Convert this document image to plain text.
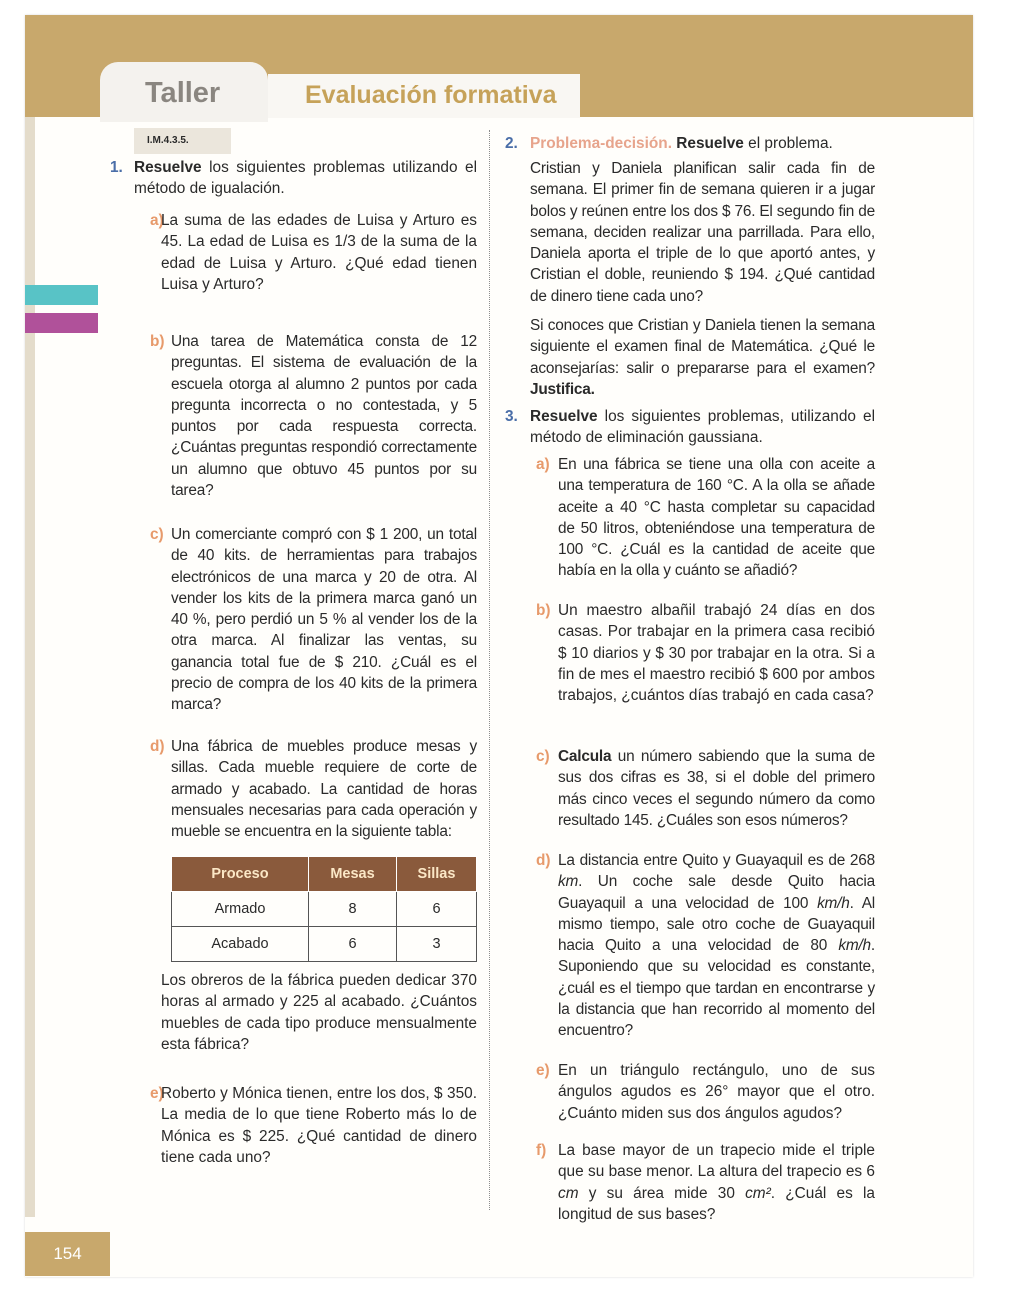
Taller	Evaluación formativa
154
I.M.4.3.5.
1. Resuelve los siguientes problemas utilizando el método de igualación.
a)
La suma de las edades de Luisa y Arturo es 45. La edad de Luisa es 1/3 de la suma de la edad de Luisa y Arturo. ¿Qué edad tienen Luisa y Arturo?
b) Una tarea de Matemática consta de 12 preguntas. El sistema de evaluación de la escuela otorga al alumno 2 puntos por cada pregunta incorrecta o no contestada, y 5 puntos por cada respuesta correcta. ¿Cuántas preguntas respondió correctamente un alumno que obtuvo 45 puntos por su tarea?
c) Un comerciante compró con $ 1 200, un total de 40 kits. de herramientas para trabajos electrónicos de una marca y 20 de otra. Al vender los kits de la primera marca ganó un 40 %, pero perdió un 5 % al vender los de la otra marca. Al finalizar las ventas, su ganancia total fue de $ 210. ¿Cuál es el precio de compra de los 40 kits de la primera marca?
d) Una fábrica de muebles produce mesas y sillas. Cada mueble requiere de corte de armado y acabado. La cantidad de horas mensuales necesarias para cada operación y mueble se encuentra en la siguiente tabla:
Proceso	Mesas	Sillas
Armado	8	6
Acabado	6	3
Los obreros de la fábrica pueden dedicar 370 horas al armado y 225 al acabado. ¿Cuántos muebles de cada tipo produce mensualmente esta fábrica?
e)
Roberto y Mónica tienen, entre los dos, $ 350. La media de lo que tiene Roberto más lo de Mónica es $ 225. ¿Qué cantidad de dinero tiene cada uno?
2. Problema-decisión. Resuelve el problema.
Cristian y Daniela planifican salir cada fin de semana. El primer fin de semana quieren ir a jugar bolos y reúnen entre los dos $ 76. El segundo fin de semana, deciden realizar una parrillada. Para ello, Daniela aporta el triple de lo que aportó antes, y Cristian el doble, reuniendo $ 194. ¿Qué cantidad de dinero tiene cada uno?
Si conoces que Cristian y Daniela tienen la semana siguiente el examen final de Matemática. ¿Qué le aconsejarías: salir o prepararse para el examen? Justifica.
3. Resuelve los siguientes problemas, utilizando el método de eliminación gaussiana.
a) En una fábrica se tiene una olla con aceite a una temperatura de 160 °C. A la olla se añade aceite a 40 °C hasta completar su capacidad de 50 litros, obteniéndose una temperatura de 100 °C. ¿Cuál es la cantidad de aceite que había en la olla y cuánto se añadió?
b) Un maestro albañil trabajó 24 días en dos casas. Por trabajar en la primera casa recibió $ 10 diarios y $ 30 por trabajar en la otra. Si a fin de mes el maestro recibió $ 600 por ambos trabajos, ¿cuántos días trabajó en cada casa?
c) Calcula un número sabiendo que la suma de sus dos cifras es 38, si el doble del primero más cinco veces el segundo número da como resultado 145. ¿Cuáles son esos números?
d) La distancia entre Quito y Guayaquil es de 268 km. Un coche sale desde Quito hacia Guayaquil a una velocidad de 100 km/h. Al mismo tiempo, sale otro coche de Guayaquil hacia Quito a una velocidad de 80 km/h. Suponiendo que su velocidad es constante, ¿cuál es el tiempo que tardan en encontrarse y la distancia que han recorrido al momento del encuentro?
e) En un triángulo rectángulo, uno de sus ángulos agudos es 26° mayor que el otro. ¿Cuánto miden sus dos ángulos agudos?
f) La base mayor de un trapecio mide el triple que su base menor. La altura del trapecio es 6 cm y su área mide 30 cm². ¿Cuál es la longitud de sus bases?
